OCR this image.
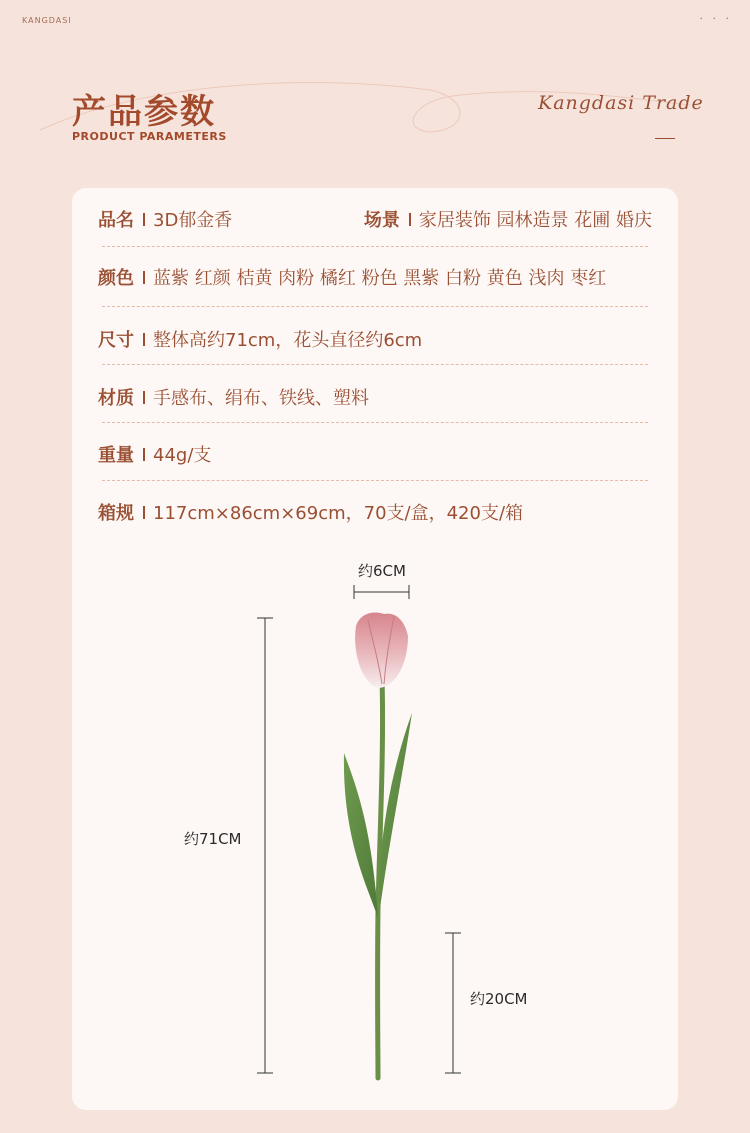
KANGDASI	· · ·
产品参数
PRODUCT PARAMETERS
Kangdasi Trade
品名 3D郁金香	场景 家居装饰 园林造景 花圃 婚庆
颜色 蓝紫 红颜 桔黄 肉粉 橘红 粉色 黑紫 白粉 黄色 浅肉 枣红
尺寸 整体高约71cm，花头直径约6cm
材质 手感布、绢布、铁线、塑料
重量 44g/支
箱规 117cm×86cm×69cm，70支/盒，420支/箱
约6CM
约71CM
约20CM
